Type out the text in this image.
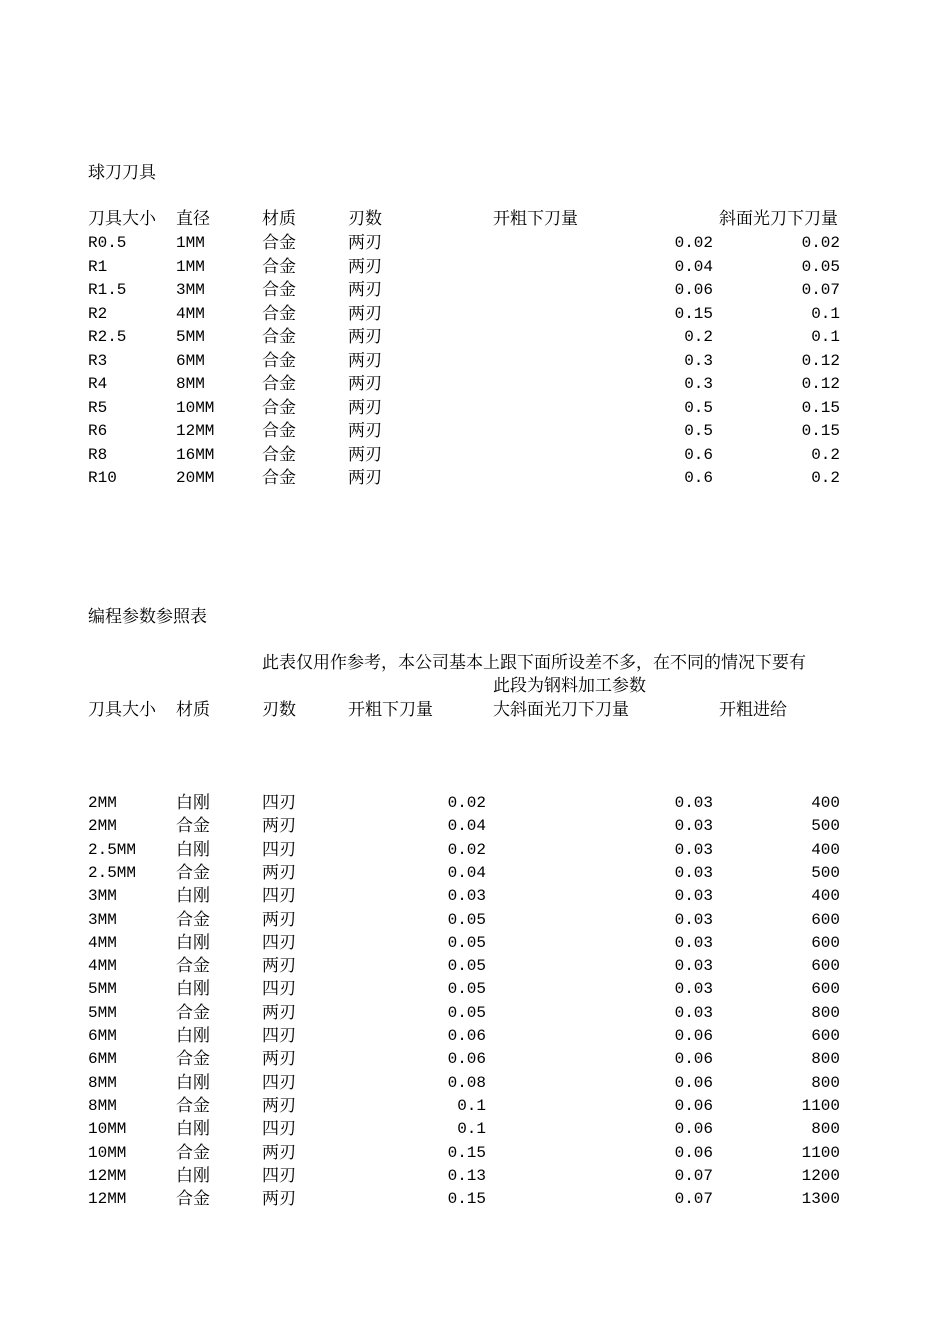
球刀刀具
刀具大小 直径	材质	刃数	开粗下刀量	斜面光刀下刀量
R0.5	1MM	合金	两刃	0.02	0.02
R1	1MM	合金	两刃	0.04	0.05
R1.5	3MM	合金	两刃	0.06	0.07
R2	4MM	合金	两刃	0.15	0.1
R2.5	5MM	合金	两刃	0.2	0.1
R3	6MM	合金	两刃	0.3	0.12
R4	8MM	合金	两刃	0.3	0.12
R5	10MM	合金	两刃	0.5	0.15
R6	12MM	合金	两刃	0.5	0.15
R8	16MM	合金	两刃	0.6	0.2
R10	20MM	合金	两刃	0.6	0.2
编程参数参照表
此表仅用作参考，本公司基本上跟下面所设差不多，在不同的情况下要有
此段为钢料加工参数
刀具大小 材质	刃数	开粗下刀量	大斜面光刀下刀量	开粗进给
2MM	白刚	四刃	0.02	0.03	400
2MM	合金	两刃	0.04	0.03	500
2.5MM 白刚	四刃	0.02	0.03	400
2.5MM 合金	两刃	0.04	0.03	500
3MM	白刚	四刃	0.03	0.03	400
3MM	合金	两刃	0.05	0.03	600
4MM	白刚	四刃	0.05	0.03	600
4MM	合金	两刃	0.05	0.03	600
5MM	白刚	四刃	0.05	0.03	600
5MM	合金	两刃	0.05	0.03	800
6MM	白刚	四刃	0.06	0.06	600
6MM	合金	两刃	0.06	0.06	800
8MM	白刚	四刃	0.08	0.06	800
8MM	合金	两刃	0.1	0.06	1100
10MM	白刚	四刃	0.1	0.06	800
10MM	合金	两刃	0.15	0.06	1100
12MM	白刚	四刃	0.13	0.07	1200
12MM	合金	两刃	0.15	0.07	1300
